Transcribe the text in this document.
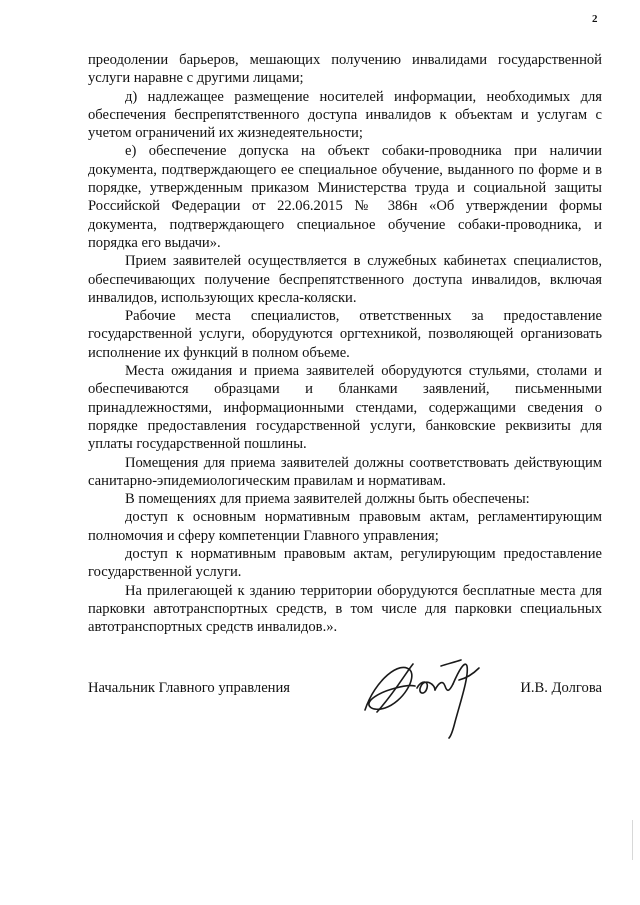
2

преодолении барьеров, мешающих получению инвалидами государственной услуги наравне с другими лицами;

д) надлежащее размещение носителей информации, необходимых для обеспечения беспрепятственного доступа инвалидов к объектам и услугам с учетом ограничений их жизнедеятельности;

е) обеспечение допуска на объект собаки-проводника при наличии документа, подтверждающего ее специальное обучение, выданного по форме и в порядке, утвержденным приказом Министерства труда и социальной защиты Российской Федерации от 22.06.2015 № 386н «Об утверждении формы документа, подтверждающего специальное обучение собаки-проводника, и порядка его выдачи».

Прием заявителей осуществляется в служебных кабинетах специалистов, обеспечивающих получение беспрепятственного доступа инвалидов, включая инвалидов, использующих кресла-коляски.

Рабочие места специалистов, ответственных за предоставление государственной услуги, оборудуются оргтехникой, позволяющей организовать исполнение их функций в полном объеме.

Места ожидания и приема заявителей оборудуются стульями, столами и обеспечиваются образцами и бланками заявлений, письменными принадлежностями, информационными стендами, содержащими сведения о порядке предоставления государственной услуги, банковские реквизиты для уплаты государственной пошлины.

Помещения для приема заявителей должны соответствовать действующим санитарно-эпидемиологическим правилам и нормативам.

В помещениях для приема заявителей должны быть обеспечены:

доступ к основным нормативным правовым актам, регламентирующим полномочия и сферу компетенции Главного управления;

доступ к нормативным правовым актам, регулирующим предоставление государственной услуги.

На прилегающей к зданию территории оборудуются бесплатные места для парковки автотранспортных средств, в том числе для парковки специальных автотранспортных средств инвалидов.».

Начальник Главного управления	И.В. Долгова
